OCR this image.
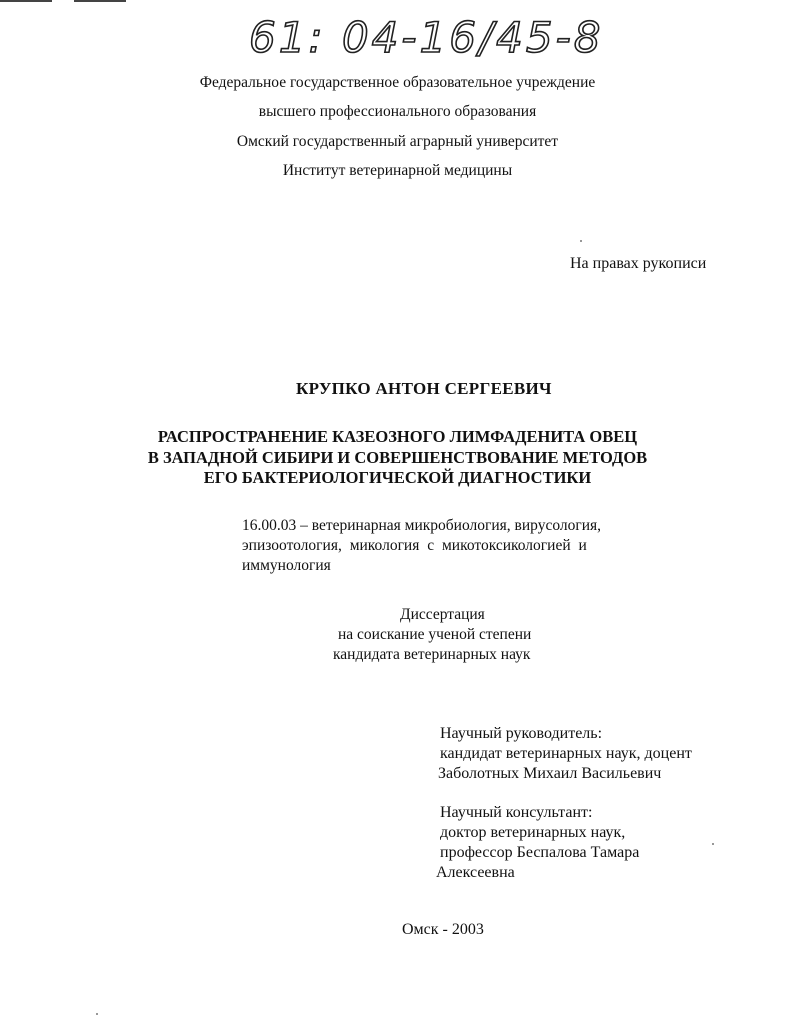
61: 04-16/45-8
Федеральное государственное образовательное учреждение
высшего профессионального образования
Омский государственный аграрный университет
Институт ветеринарной медицины
На правах рукописи
КРУПКО АНТОН СЕРГЕЕВИЧ
РАСПРОСТРАНЕНИЕ КАЗЕОЗНОГО ЛИМФАДЕНИТА ОВЕЦ
В ЗАПАДНОЙ СИБИРИ И СОВЕРШЕНСТВОВАНИЕ МЕТОДОВ
ЕГО БАКТЕРИОЛОГИЧЕСКОЙ ДИАГНОСТИКИ
16.00.03 – ветеринарная микробиология, вирусология,
эпизоотология, микология с микотоксикологией и
иммунология
Диссертация
на соискание ученой степени
кандидата ветеринарных наук
Научный руководитель:
кандидат ветеринарных наук, доцент
Заболотных Михаил Васильевич
Научный консультант:
доктор ветеринарных наук,
профессор Беспалова Тамара
Алексеевна
Омск - 2003
